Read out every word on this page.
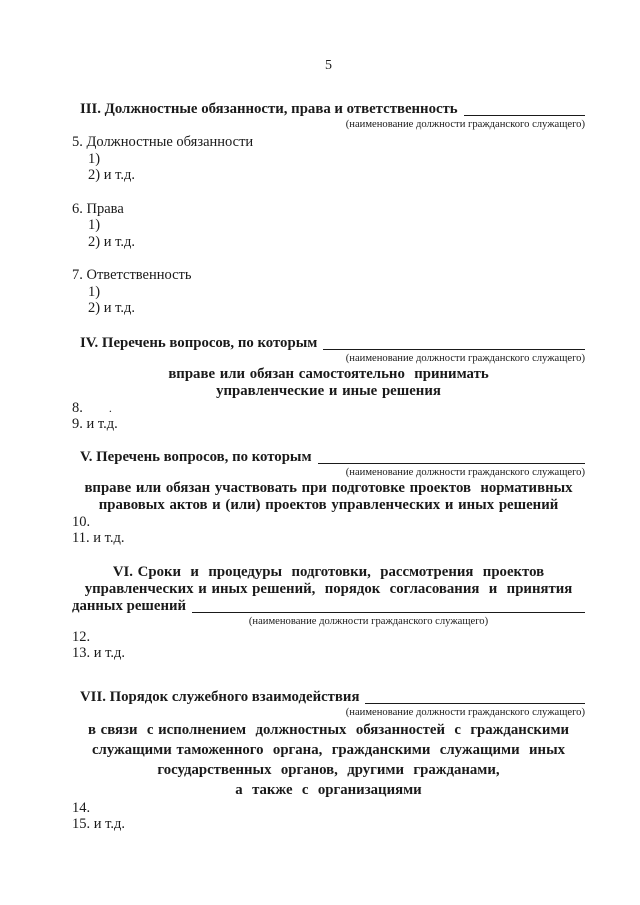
5
III. Должностные обязанности, права и ответственность
(наименование должности гражданского служащего)
5. Должностные обязанности
1)
2) и т.д.
6. Права
1)
2) и т.д.
7. Ответственность
1)
2) и т.д.
IV. Перечень вопросов, по которым
(наименование должности гражданского служащего)
вправе или обязан самостоятельно  принимать
управленческие и иные решения
8. .
9. и т.д.
V. Перечень вопросов, по которым
(наименование должности гражданского служащего)
вправе или обязан участвовать при подготовке проектов  нормативных
правовых актов и (или) проектов управленческих и иных решений
10.
11. и т.д.
VI. Сроки  и  процедуры  подготовки,  рассмотрения  проектов
управленческих и иных решений,  порядок  согласования  и  принятия
данных решений
(наименование должности гражданского служащего)
12.
13. и т.д.
VII. Порядок служебного взаимодействия
(наименование должности гражданского служащего)
в связи  с исполнением  должностных  обязанностей  с  гражданскими
служащими таможенного  органа,  гражданскими  служащими  иных
государственных  органов,  другими  гражданами,
а  также  с  организациями
14.
15. и т.д.
